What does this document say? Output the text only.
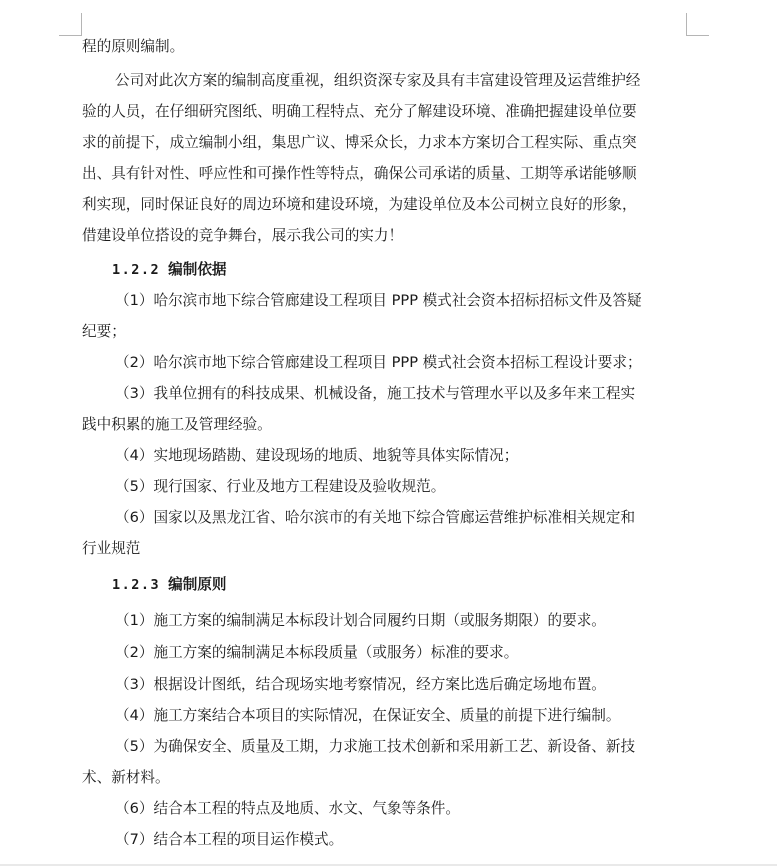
程的原则编制。
公司对此次方案的编制高度重视，组织资深专家及具有丰富建设管理及运营维护经
验的人员，在仔细研究图纸、明确工程特点、充分了解建设环境、准确把握建设单位要
求的前提下，成立编制小组，集思广议、博采众长，力求本方案切合工程实际、重点突
出、具有针对性、呼应性和可操作性等特点，确保公司承诺的质量、工期等承诺能够顺
利实现，同时保证良好的周边环境和建设环境，为建设单位及本公司树立良好的形象，
借建设单位搭设的竞争舞台，展示我公司的实力！
1.2.2 编制依据
（1）哈尔滨市地下综合管廊建设工程项目 PPP 模式社会资本招标招标文件及答疑
纪要；
（2）哈尔滨市地下综合管廊建设工程项目 PPP 模式社会资本招标工程设计要求；
（3）我单位拥有的科技成果、机械设备，施工技术与管理水平以及多年来工程实
践中积累的施工及管理经验。
（4）实地现场踏勘、建设现场的地质、地貌等具体实际情况；
（5）现行国家、行业及地方工程建设及验收规范。
（6）国家以及黑龙江省、哈尔滨市的有关地下综合管廊运营维护标准相关规定和
行业规范
1.2.3 编制原则
（1）施工方案的编制满足本标段计划合同履约日期（或服务期限）的要求。
（2）施工方案的编制满足本标段质量（或服务）标准的要求。
（3）根据设计图纸，结合现场实地考察情况，经方案比选后确定场地布置。
（4）施工方案结合本项目的实际情况，在保证安全、质量的前提下进行编制。
（5）为确保安全、质量及工期，力求施工技术创新和采用新工艺、新设备、新技
术、新材料。
（6）结合本工程的特点及地质、水文、气象等条件。
（7）结合本工程的项目运作模式。
